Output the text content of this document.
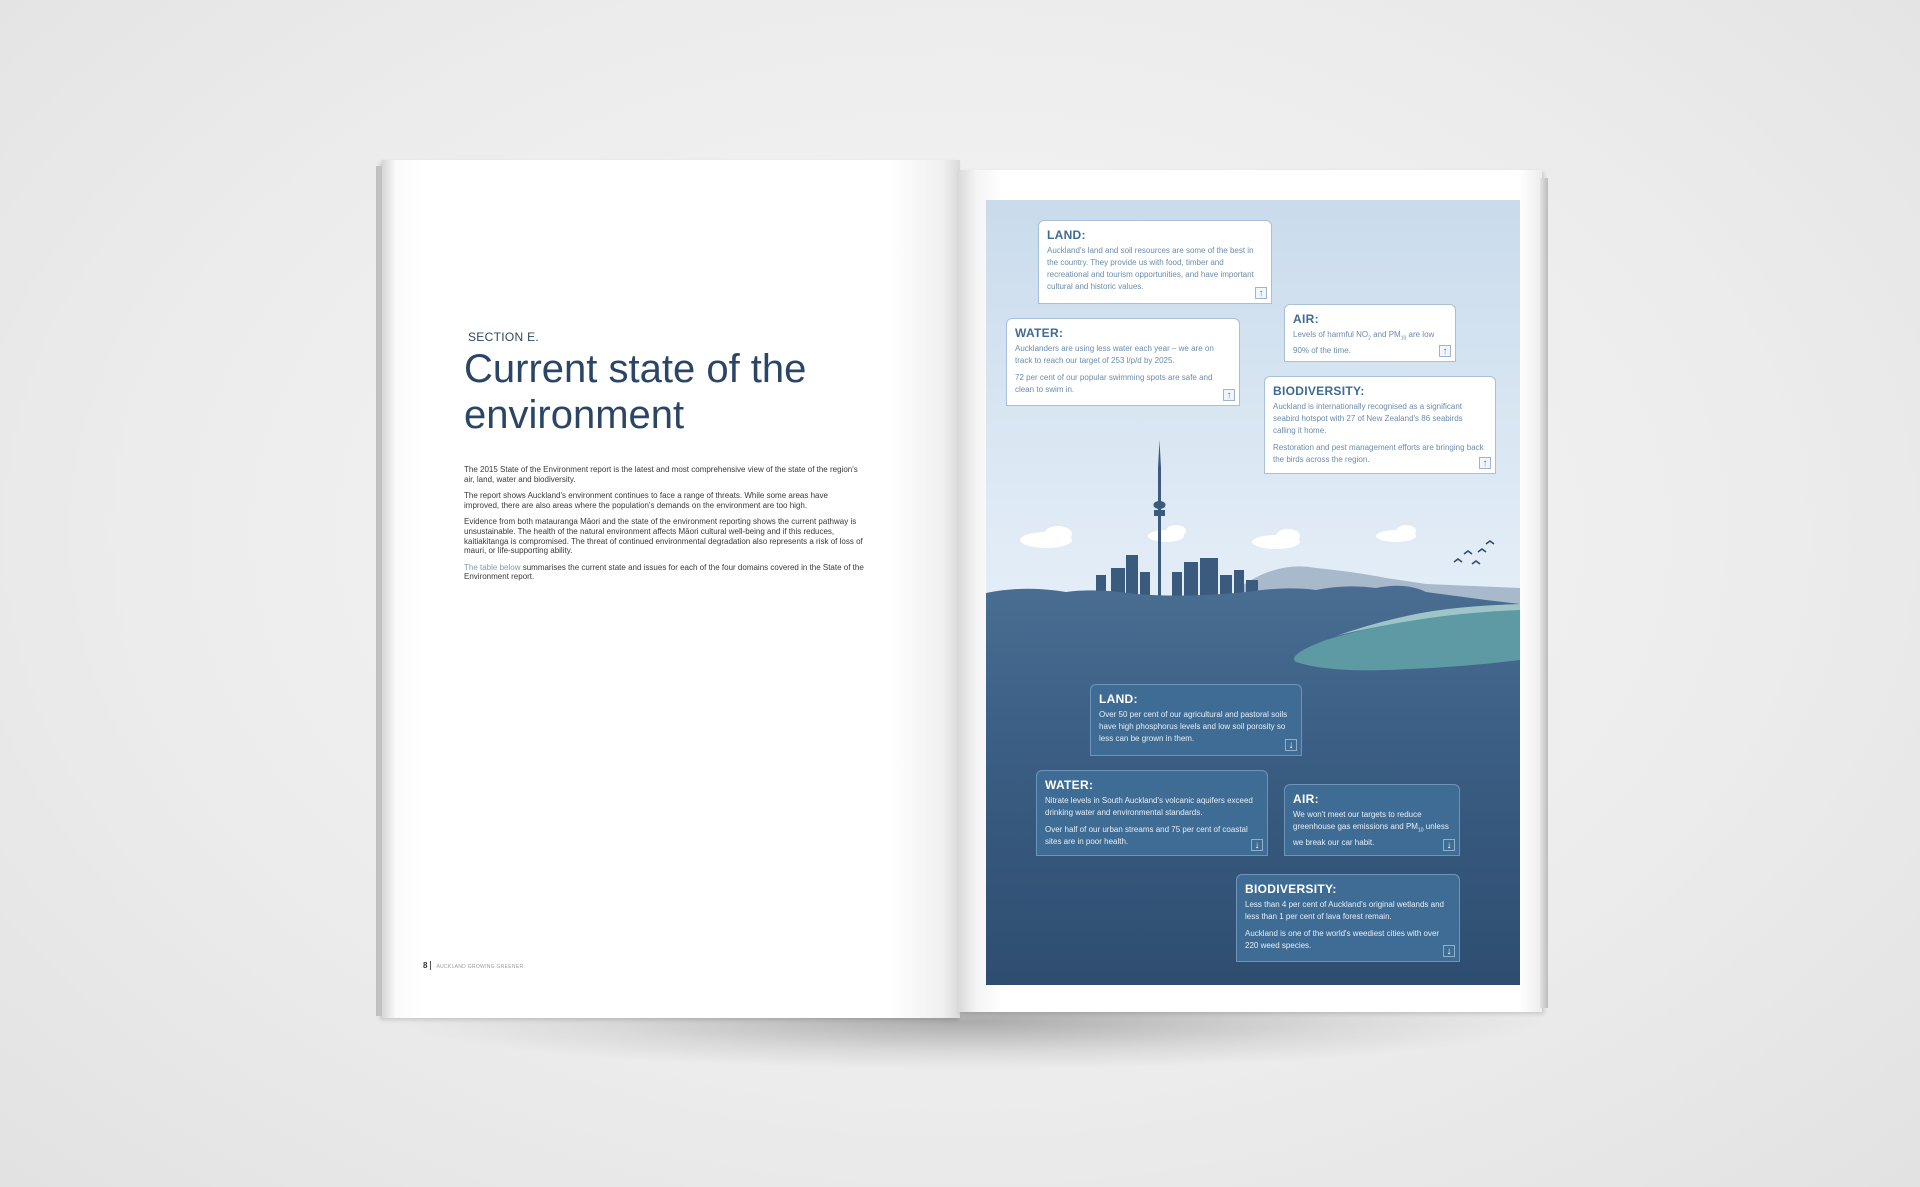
SECTION E.
Current state of the environment

The 2015 State of the Environment report is the latest and most comprehensive view of the state of the region's air, land, water and biodiversity.

The report shows Auckland's environment continues to face a range of threats. While some areas have improved, there are also areas where the population's demands on the environment are too high.

Evidence from both matauranga Māori and the state of the environment reporting shows the current pathway is unsustainable. The health of the natural environment affects Māori cultural well-being and if this reduces, kaitiakitanga is compromised. The threat of continued environmental degradation also represents a risk of loss of mauri, or life-supporting ability.

The table below summarises the current state and issues for each of the four domains covered in the State of the Environment report.

8 AUCKLAND GROWING GREENER
LAND:

Auckland's land and soil resources are some of the best in the country. They provide us with food, timber and recreational and tourism opportunities, and have important cultural and historic values.

↑
WATER:

Aucklanders are using less water each year – we are on track to reach our target of 253 l/p/d by 2025.

72 per cent of our popular swimming spots are safe and clean to swim in.

↑
AIR:

Levels of harmful $NO_2$ and $PM_{10}$ are low 90% of the time.	↑
BIODIVERSITY:

Auckland is internationally recognised as a significant seabird hotspot with 27 of New Zealand's 86 seabirds calling it home.

Restoration and pest management efforts are bringing back the birds across the region.	↑
LAND:

Over 50 per cent of our agricultural and pastoral soils have high phosphorus levels and low soil porosity so less can be grown in them.

↓
WATER:

Nitrate levels in South Auckland's volcanic aquifers exceed drinking water and environmental standards.

Over half of our urban streams and 75 per cent of coastal sites are in poor health.	↓
AIR:

We won't meet our targets to reduce greenhouse gas emissions and $PM_{10}$ unless we break our car habit.	↓
BIODIVERSITY:

Less than 4 per cent of Auckland's original wetlands and less than 1 per cent of lava forest remain.

Auckland is one of the world's weediest cities with over 220 weed species.

↓
